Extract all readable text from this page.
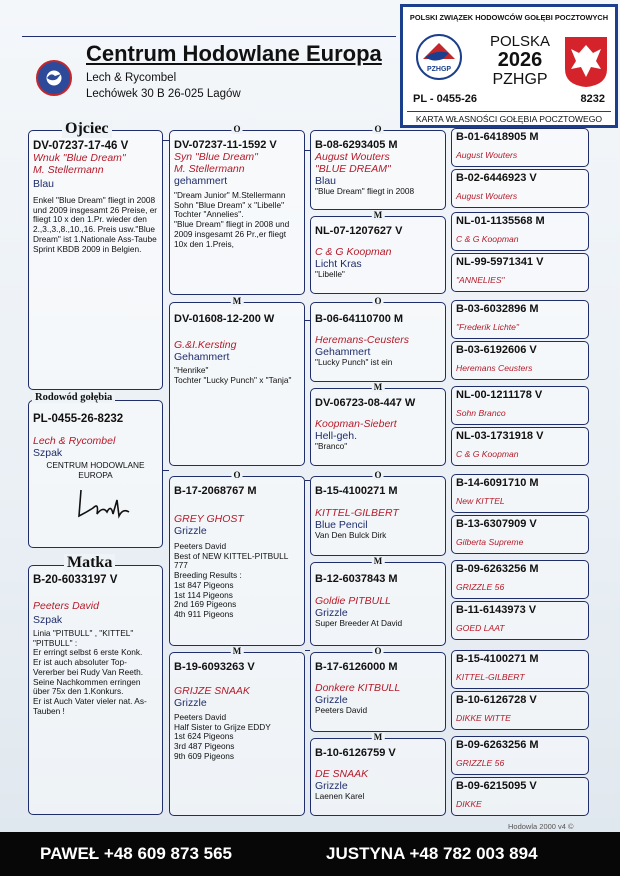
Centrum Hodowlane Europa
Lech & Rycombel
Lechówek 30 B 26-025 Lagów
POLSKI ZWIĄZEK HODOWCÓW GOŁĘBI POCZTOWYCH
PZHGP
POLSKA
2026
PZHGP
PL - 0455-26	8232
KARTA WŁASNOŚCI GOŁĘBIA POCZTOWEGO
DV-07237-17-46 V
Wnuk "Blue Dream"
M. Stellermann
Blau
Enkel "Blue Dream" fliegt in 2008 und 2009 insgesamt 26 Preise, er fliegt 10 x den 1.Pr. wieder den 2.,3.,3.,8.,10.,16. Preis usw."Blue Dream" ist 1.Nationale Ass-Taube Sprint KBDB 2009 in Belgien.
Ojciec
PL-0455-26-8232
Lech & Rycombel
Szpak
CENTRUM HODOWLANE EUROPA
Rodowód gołębia
B-20-6033197 V
Peeters David
Szpak
Linia "PITBULL" , "KITTEL" "PITBULL" :
Er erringt selbst 6 erste Konk.
Er ist auch absoluter Top-Vererber bei Rudy Van Reeth.
Seine Nachkommen erringen über 75x den 1.Konkurs.
Er ist Auch Vater vieler nat. As-Tauben !
Matka
O
DV-07237-11-1592 V
Syn "Blue Dream"
M. Stellermann
gehammert
"Dream Junior" M.Stellermann Sohn "Blue Dream" x "Libelle" Tochter "Annelies".
"Blue Dream" fliegt in 2008 und 2009 insgesamt 26 Pr.,er fliegt 10x den 1.Preis,
M
DV-01608-12-200 W
G.&I.Kersting
Gehammert
"Henrike"
Tochter "Lucky Punch" x "Tanja"
O
B-17-2068767 M
GREY GHOST
Grizzle
Peeters David
Best of NEW KITTEL-PITBULL
777
Breeding Results :
1st 847 Pigeons
1st 114 Pigeons
2nd 169 Pigeons
4th 911 Pigeons
M
B-19-6093263 V
GRIJZE SNAAK
Grizzle
Peeters David
Half Sister to Grijze EDDY
1st 624 Pigeons
3rd 487 Pigeons
9th 609 Pigeons
O
B-08-6293405 M
August Wouters
"BLUE DREAM"
Blau
"Blue Dream" fliegt in 2008
M
NL-07-1207627 V
C & G Koopman
Licht Kras
"Libelle"
O
B-06-64110700 M
Heremans-Ceusters
Gehammert
"Lucky Punch" ist ein
M
DV-06723-08-447 W
Koopman-Siebert
Hell-geh.
"Branco"
O
B-15-4100271 M
KITTEL-GILBERT
Blue Pencil
Van Den Bulck Dirk
M
B-12-6037843 M
Goldie PITBULL
Grizzle
Super Breeder At David
O
B-17-6126000 M
Donkere KITBULL
Grizzle
Peeters David
M
B-10-6126759 V
DE SNAAK
Grizzle
Laenen Karel
B-01-6418905 M
August Wouters
B-02-6446923 V
August Wouters
NL-01-1135568 M
C & G Koopman
NL-99-5971341 V
"ANNELIES"
B-03-6032896 M
"Frederik Lichte"
B-03-6192606 V
Heremans Ceusters
NL-00-1211178 V
Sohn Branco
NL-03-1731918 V
C & G Koopman
B-14-6091710 M
New KITTEL
B-13-6307909 V
Gilberta Supreme
B-09-6263256 M
GRIZZLE 56
B-11-6143973 V
GOED LAAT
B-15-4100271 M
KITTEL-GILBERT
B-10-6126728 V
DIKKE WITTE
B-09-6263256 M
GRIZZLE 56
B-09-6215095 V
DIKKE
Hodowla 2000 v4 ©
PAWEŁ +48 609 873 565	JUSTYNA +48 782 003 894
